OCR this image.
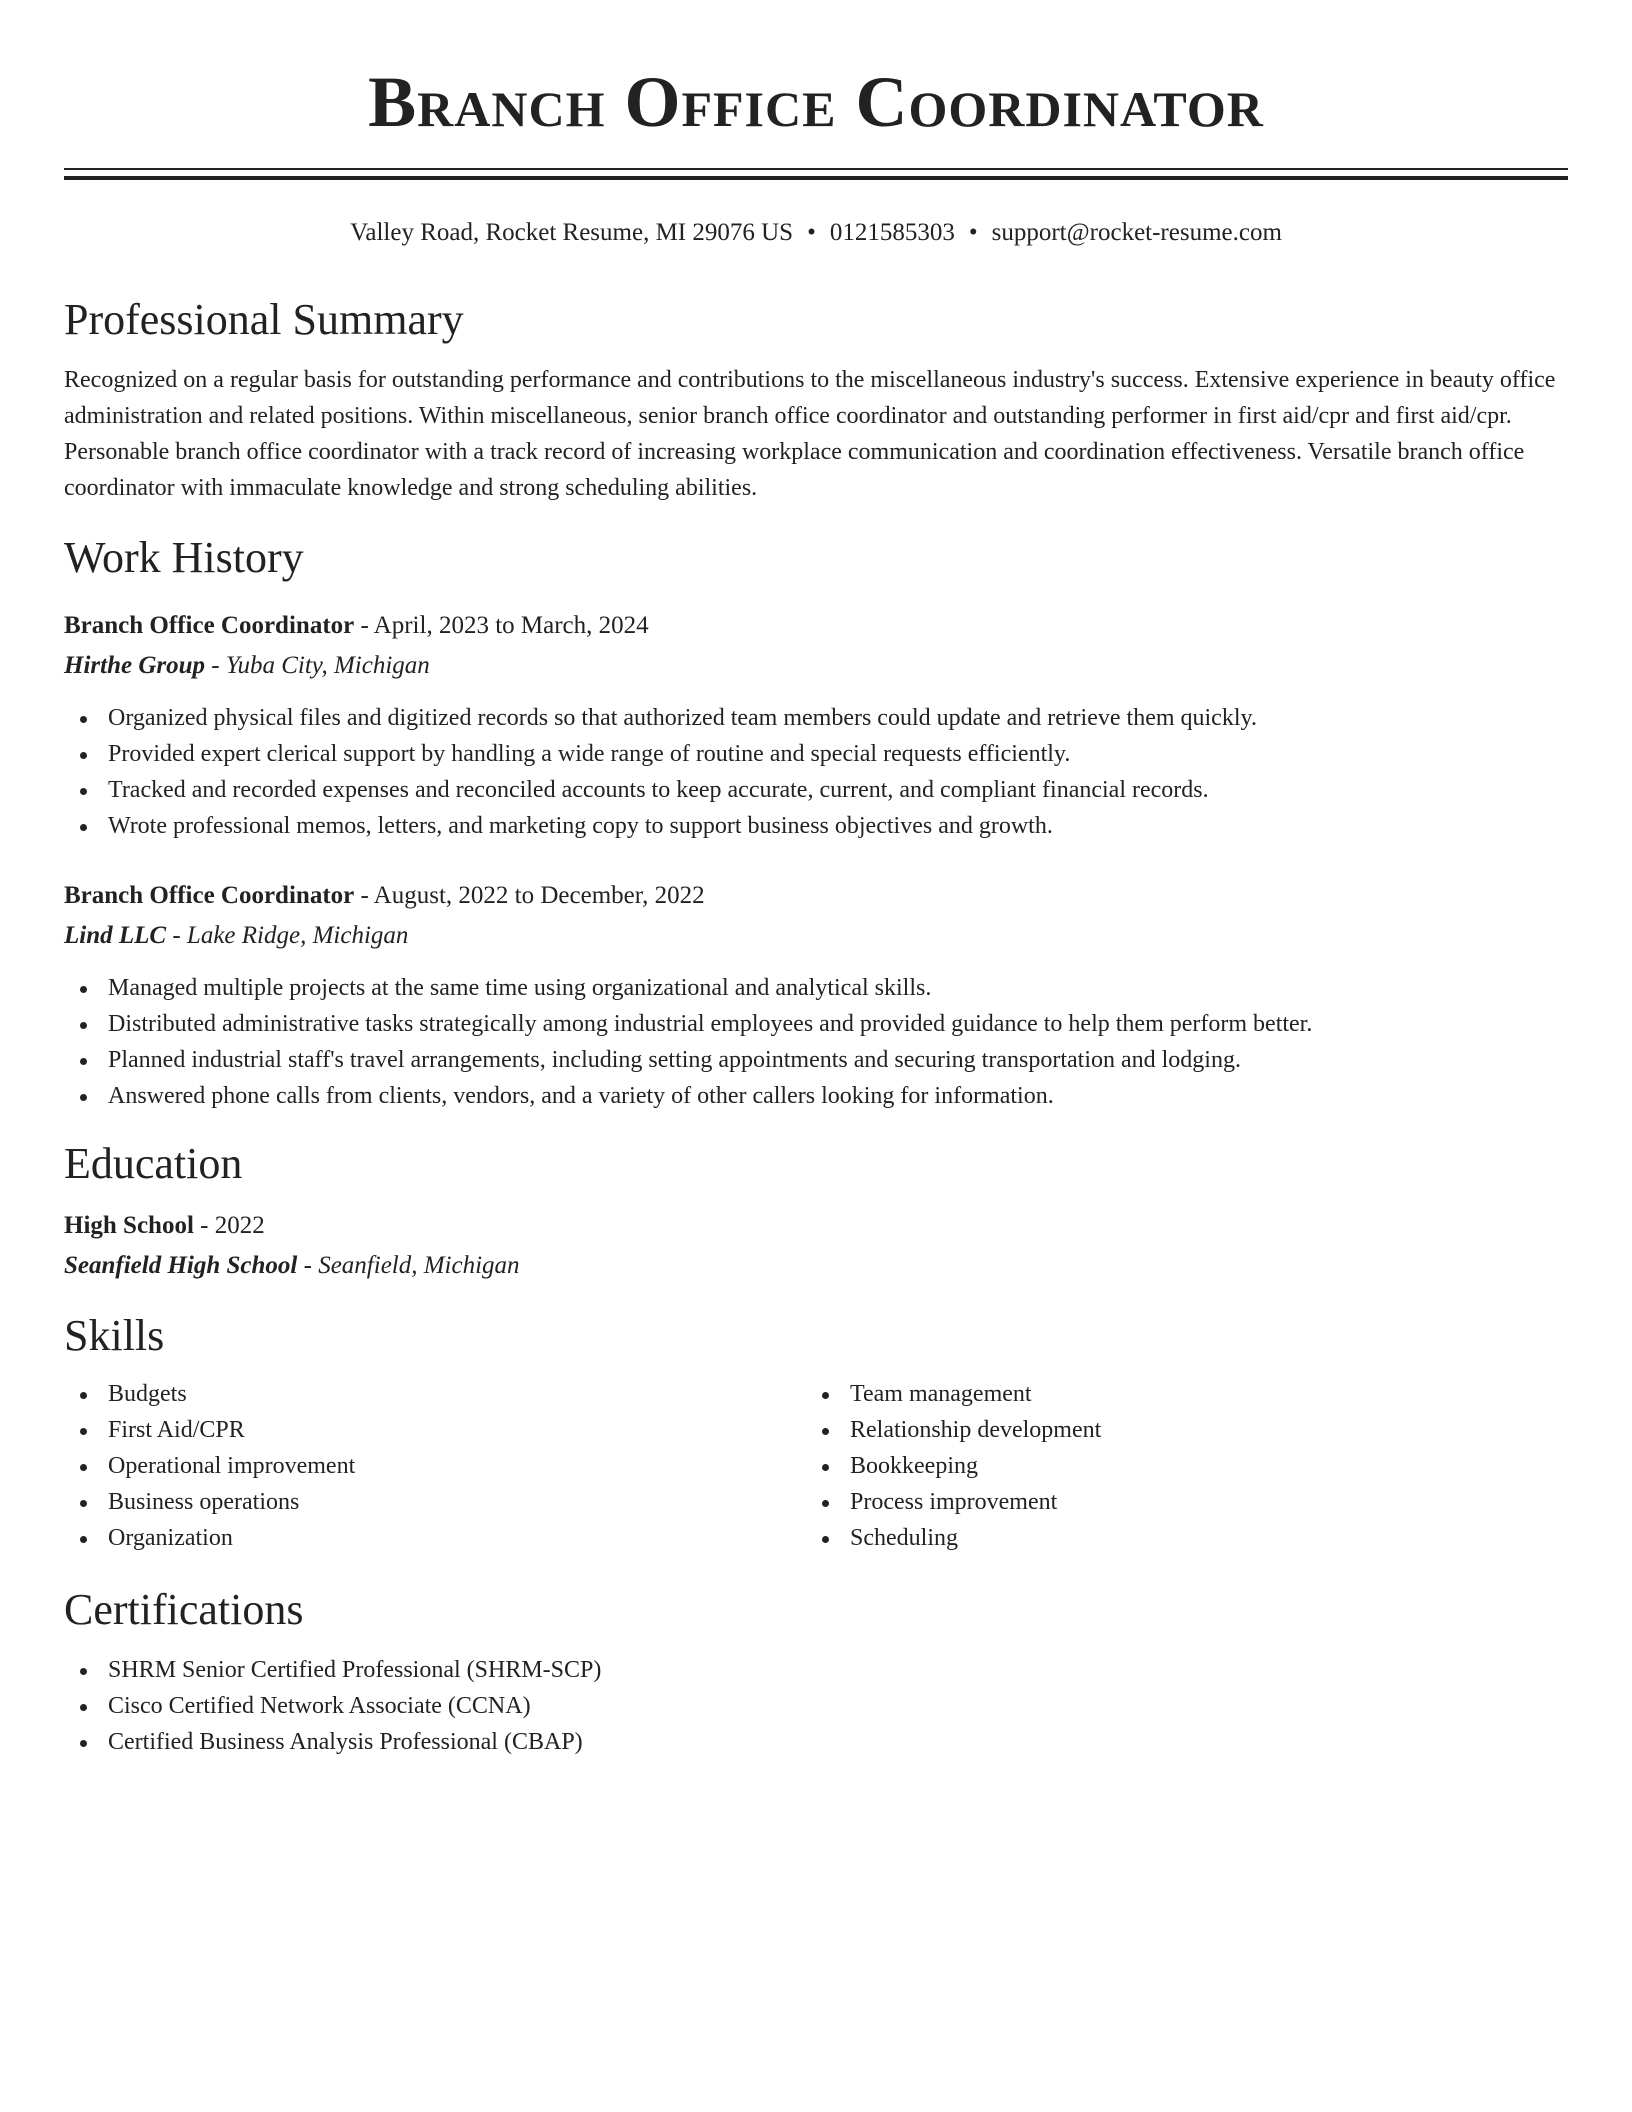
Branch Office Coordinator
Valley Road, Rocket Resume, MI 29076 US • 0121585303 • support@rocket-resume.com
Professional Summary

Recognized on a regular basis for outstanding performance and contributions to the miscellaneous industry's success. Extensive experience in beauty office administration and related positions. Within miscellaneous, senior branch office coordinator and outstanding performer in first aid/cpr and first aid/cpr. Personable branch office coordinator with a track record of increasing workplace communication and coordination effectiveness. Versatile branch office coordinator with immaculate knowledge and strong scheduling abilities.

Work History
Branch Office Coordinator - April, 2023 to March, 2024
Hirthe Group - Yuba City, Michigan
Organized physical files and digitized records so that authorized team members could update and retrieve them quickly.
Provided expert clerical support by handling a wide range of routine and special requests efficiently.
Tracked and recorded expenses and reconciled accounts to keep accurate, current, and compliant financial records.
Wrote professional memos, letters, and marketing copy to support business objectives and growth.
Branch Office Coordinator - August, 2022 to December, 2022
Lind LLC - Lake Ridge, Michigan
Managed multiple projects at the same time using organizational and analytical skills.
Distributed administrative tasks strategically among industrial employees and provided guidance to help them perform better.
Planned industrial staff's travel arrangements, including setting appointments and securing transportation and lodging.
Answered phone calls from clients, vendors, and a variety of other callers looking for information.
Education
High School - 2022
Seanfield High School - Seanfield, Michigan
Skills
Budgets
First Aid/CPR
Operational improvement
Business operations
Organization
Team management
Relationship development
Bookkeeping
Process improvement
Scheduling
Certifications
SHRM Senior Certified Professional (SHRM-SCP)
Cisco Certified Network Associate (CCNA)
Certified Business Analysis Professional (CBAP)
